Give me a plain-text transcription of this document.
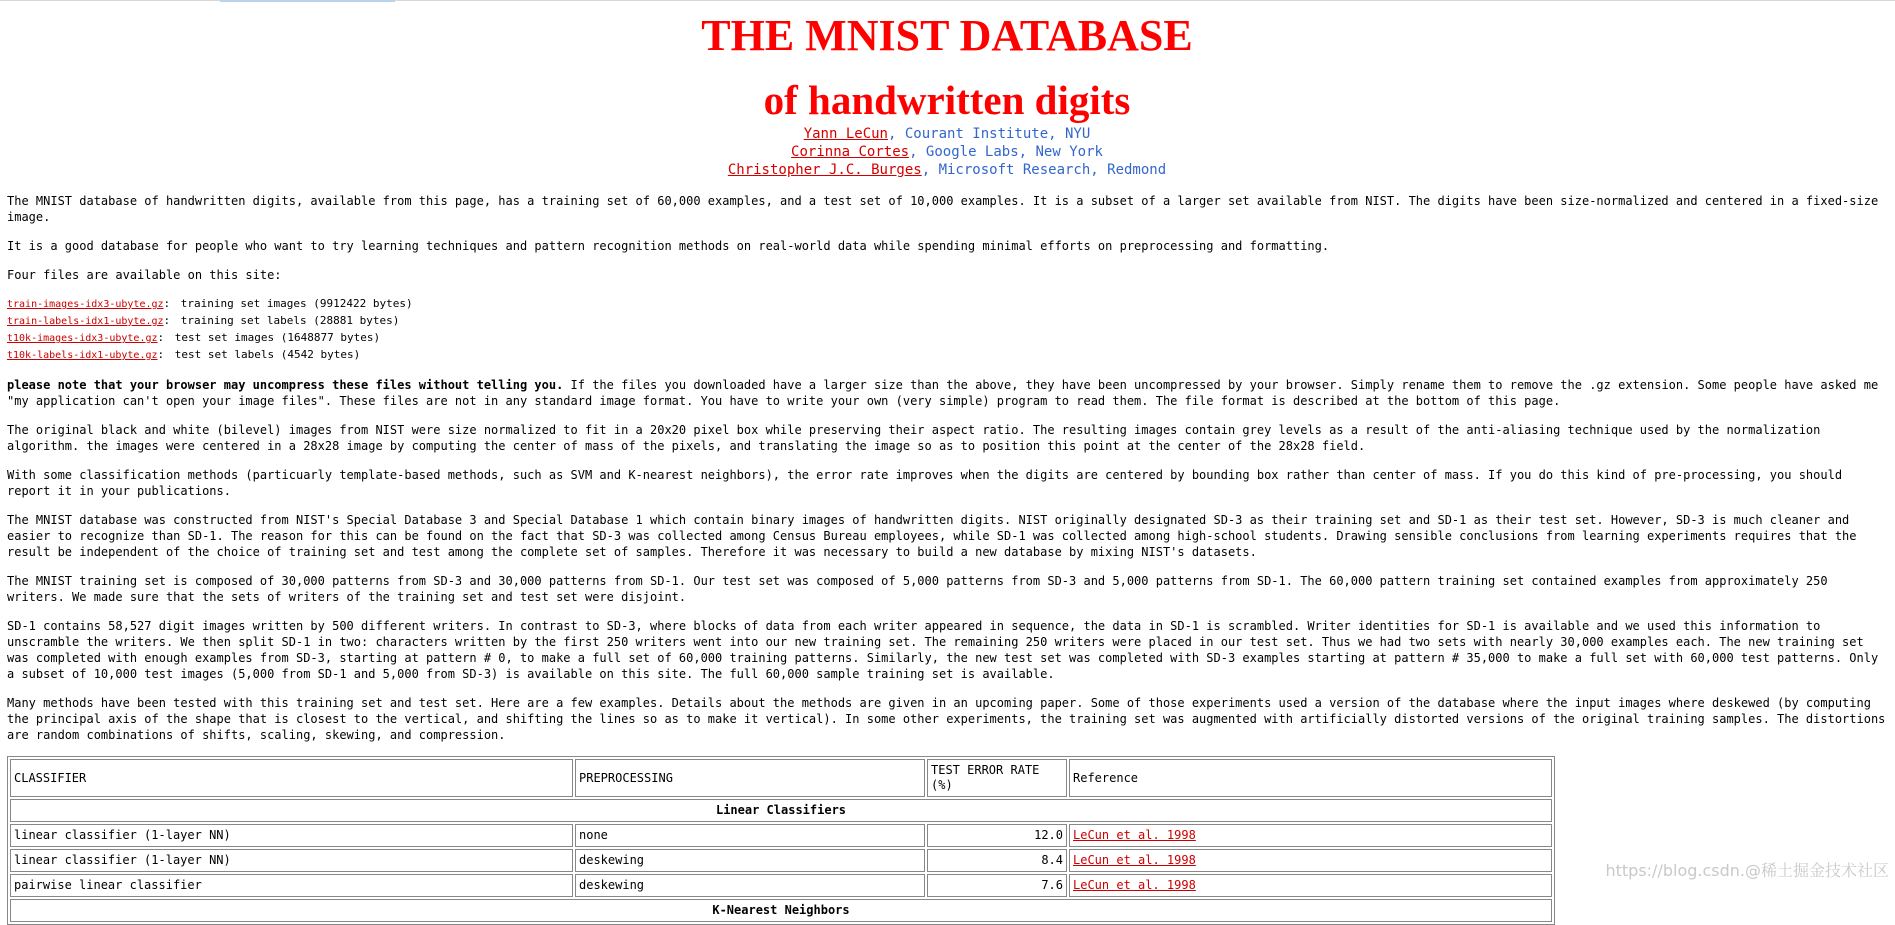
THE MNIST DATABASE
of handwritten digits
Yann LeCun, Courant Institute, NYU
Corinna Cortes, Google Labs, New York
Christopher J.C. Burges, Microsoft Research, Redmond

The MNIST database of handwritten digits, available from this page, has a training set of 60,000 examples, and a test set of 10,000 examples. It is a subset of a larger set available from NIST. The digits have been size-normalized and centered in a fixed-size image.

It is a good database for people who want to try learning techniques and pattern recognition methods on real-world data while spending minimal efforts on preprocessing and formatting.

Four files are available on this site:

train-images-idx3-ubyte.gz: training set images (9912422 bytes)
train-labels-idx1-ubyte.gz: training set labels (28881 bytes)
t10k-images-idx3-ubyte.gz: test set images (1648877 bytes)
t10k-labels-idx1-ubyte.gz: test set labels (4542 bytes)

please note that your browser may uncompress these files without telling you. If the files you downloaded have a larger size than the above, they have been uncompressed by your browser. Simply rename them to remove the .gz extension. Some people have asked me "my application can't open your image files". These files are not in any standard image format. You have to write your own (very simple) program to read them. The file format is described at the bottom of this page.

The original black and white (bilevel) images from NIST were size normalized to fit in a 20x20 pixel box while preserving their aspect ratio. The resulting images contain grey levels as a result of the anti-aliasing technique used by the normalization algorithm. the images were centered in a 28x28 image by computing the center of mass of the pixels, and translating the image so as to position this point at the center of the 28x28 field.

With some classification methods (particuarly template-based methods, such as SVM and K-nearest neighbors), the error rate improves when the digits are centered by bounding box rather than center of mass. If you do this kind of pre-processing, you should report it in your publications.

The MNIST database was constructed from NIST's Special Database 3 and Special Database 1 which contain binary images of handwritten digits. NIST originally designated SD-3 as their training set and SD-1 as their test set. However, SD-3 is much cleaner and easier to recognize than SD-1. The reason for this can be found on the fact that SD-3 was collected among Census Bureau employees, while SD-1 was collected among high-school students. Drawing sensible conclusions from learning experiments requires that the result be independent of the choice of training set and test among the complete set of samples. Therefore it was necessary to build a new database by mixing NIST's datasets.

The MNIST training set is composed of 30,000 patterns from SD-3 and 30,000 patterns from SD-1. Our test set was composed of 5,000 patterns from SD-3 and 5,000 patterns from SD-1. The 60,000 pattern training set contained examples from approximately 250 writers. We made sure that the sets of writers of the training set and test set were disjoint.

SD-1 contains 58,527 digit images written by 500 different writers. In contrast to SD-3, where blocks of data from each writer appeared in sequence, the data in SD-1 is scrambled. Writer identities for SD-1 is available and we used this information to unscramble the writers. We then split SD-1 in two: characters written by the first 250 writers went into our new training set. The remaining 250 writers were placed in our test set. Thus we had two sets with nearly 30,000 examples each. The new training set was completed with enough examples from SD-3, starting at pattern # 0, to make a full set of 60,000 training patterns. Similarly, the new test set was completed with SD-3 examples starting at pattern # 35,000 to make a full set with 60,000 test patterns. Only a subset of 10,000 test images (5,000 from SD-1 and 5,000 from SD-3) is available on this site. The full 60,000 sample training set is available.

Many methods have been tested with this training set and test set. Here are a few examples. Details about the methods are given in an upcoming paper. Some of those experiments used a version of the database where the input images where deskewed (by computing the principal axis of the shape that is closest to the vertical, and shifting the lines so as to make it vertical). In some other experiments, the training set was augmented with artificially distorted versions of the original training samples. The distortions are random combinations of shifts, scaling, skewing, and compression.

CLASSIFIER	PREPROCESSING	TEST ERROR RATE (%)	Reference
Linear Classifiers			
linear classifier (1-layer NN)	none	12.0	LeCun et al. 1998
linear classifier (1-layer NN)	deskewing	8.4	LeCun et al. 1998
pairwise linear classifier	deskewing	7.6	LeCun et al. 1998
K-Nearest Neighbors			
https://blog.csdn.@稀土掘金技术社区
